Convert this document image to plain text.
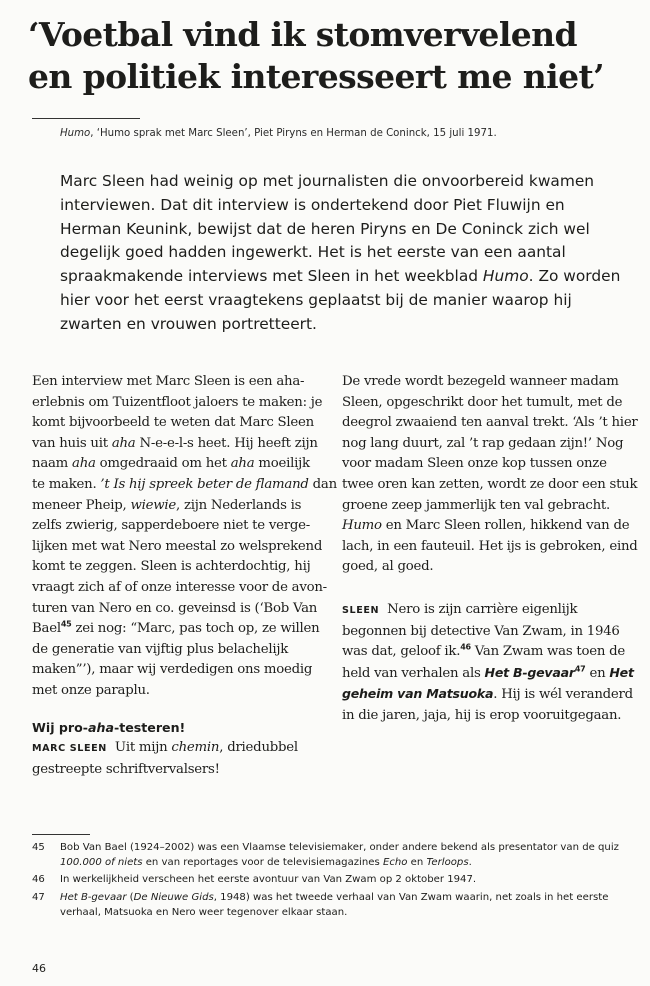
‘Voetbal vind ik stomvervelend
en politiek interesseert me niet’

Humo, ‘Humo sprak met Marc Sleen’, Piet Piryns en Herman de Coninck, 15 juli 1971.

Marc Sleen had weinig op met journalisten die onvoorbereid kwamen
interviewen. Dat dit interview is ondertekend door Piet Fluwijn en
Herman Keunink, bewijst dat de heren Piryns en De Coninck zich wel
degelijk goed hadden ingewerkt. Het is het eerste van een aantal
spraakmakende interviews met Sleen in het weekblad Humo. Zo worden
hier voor het eerst vraagtekens geplaatst bij de manier waarop hij
zwarten en vrouwen portretteert.
Een interview met Marc Sleen is een aha-
erlebnis om Tuizentfloot jaloers te maken: je
komt bijvoorbeeld te weten dat Marc Sleen
van huis uit aha N-e-e-l-s heet. Hij heeft zijn
naam aha omgedraaid om het aha moeilijk
te maken. ’t Is hij spreek beter de flamand dan
meneer Pheip, wiewie, zijn Nederlands is
zelfs zwierig, sapperdeboere niet te verge-
lijken met wat Nero meestal zo welsprekend
komt te zeggen. Sleen is achterdochtig, hij
vraagt zich af of onze interesse voor de avon-
turen van Nero en co. geveinsd is (‘Bob Van
Bael$^{45}$ zei nog: “Marc, pas toch op, ze willen
de generatie van vijftig plus belachelijk
maken”’), maar wij verdedigen ons moedig
met onze paraplu.
Wij pro-aha-testeren!
MARC SLEEN  Uit mijn chemin, driedubbel
gestreepte schriftvervalsers!
De vrede wordt bezegeld wanneer madam
Sleen, opgeschrikt door het tumult, met de
deegrol zwaaiend ten aanval trekt. ‘Als ’t hier
nog lang duurt, zal ’t rap gedaan zijn!’ Nog
voor madam Sleen onze kop tussen onze
twee oren kan zetten, wordt ze door een stuk
groene zeep jammerlijk ten val gebracht.
Humo en Marc Sleen rollen, hikkend van de
lach, in een fauteuil. Het ijs is gebroken, eind
goed, al goed.
SLEEN  Nero is zijn carrière eigenlijk
begonnen bij detective Van Zwam, in 1946
was dat, geloof ik.$^{46}$ Van Zwam was toen de
held van verhalen als Het B-gevaar$^{47}$ en Het
geheim van Matsuoka. Hij is wél veranderd
in die jaren, jaja, hij is erop vooruitgegaan.
45 Bob Van Bael (1924–2002) was een Vlaamse televisiemaker, onder andere bekend als presentator van de quiz
100.000 of niets en van reportages voor de televisiemagazines Echo en Terloops.
46 In werkelijkheid verscheen het eerste avontuur van Van Zwam op 2 oktober 1947.
47 Het B-gevaar (De Nieuwe Gids, 1948) was het tweede verhaal van Van Zwam waarin, net zoals in het eerste
verhaal, Matsuoka en Nero weer tegenover elkaar staan.
46
